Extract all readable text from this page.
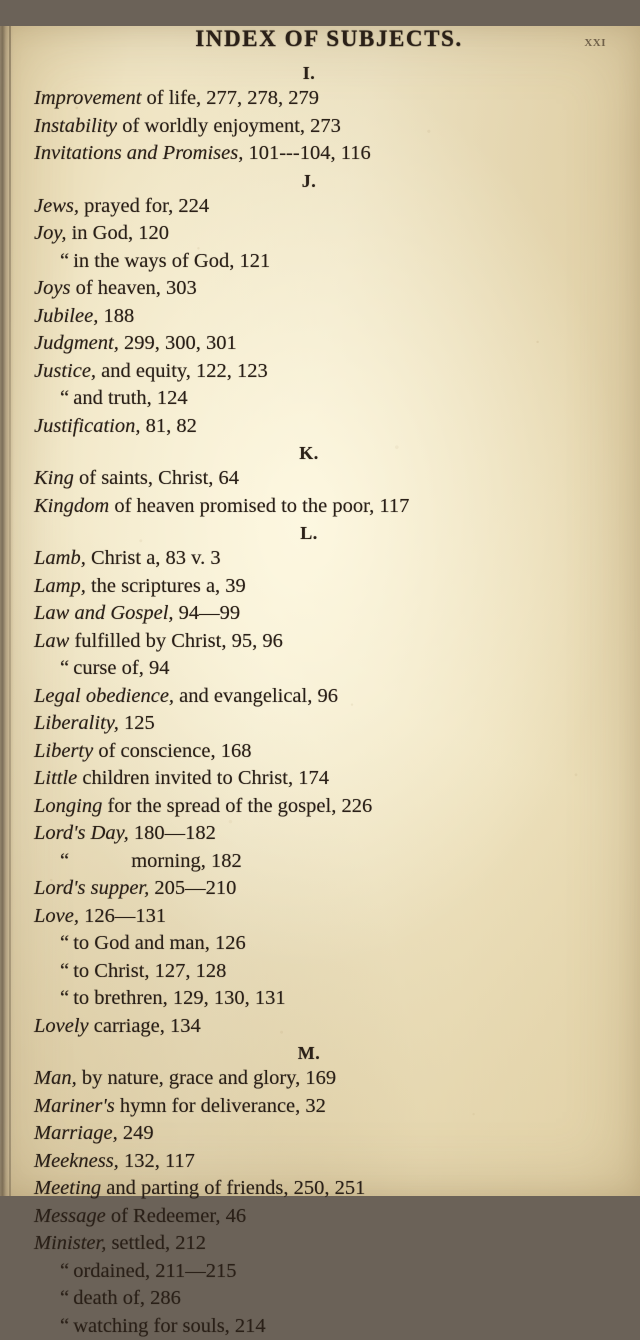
INDEX OF SUBJECTS.	xxi
I.
Improvement of life, 277, 278, 279
Instability of worldly enjoyment, 273
Invitations and Promises, 101---104, 116
J.
Jews, prayed for, 224
Joy, in God, 120
“ in the ways of God, 121
Joys of heaven, 303
Jubilee, 188
Judgment, 299, 300, 301
Justice, and equity, 122, 123
“ and truth, 124
Justification, 81, 82
K.
King of saints, Christ, 64
Kingdom of heaven promised to the poor, 117
L.
Lamb, Christ a, 83 v. 3
Lamp, the scriptures a, 39
Law and Gospel, 94—99
Law fulfilled by Christ, 95, 96
“ curse of, 94
Legal obedience, and evangelical, 96
Liberality, 125
Liberty of conscience, 168
Little children invited to Christ, 174
Longing for the spread of the gospel, 226
Lord's Day, 180—182
“	morning, 182
Lord's supper, 205—210
Love, 126—131
“ to God and man, 126
“ to Christ, 127, 128
“ to brethren, 129, 130, 131
Lovely carriage, 134
M.
Man, by nature, grace and glory, 169
Mariner's hymn for deliverance, 32
Marriage, 249
Meekness, 132, 117
Meeting and parting of friends, 250, 251
Message of Redeemer, 46
Minister, settled, 212
“ ordained, 211—215
“ death of, 286
“ watching for souls, 214
